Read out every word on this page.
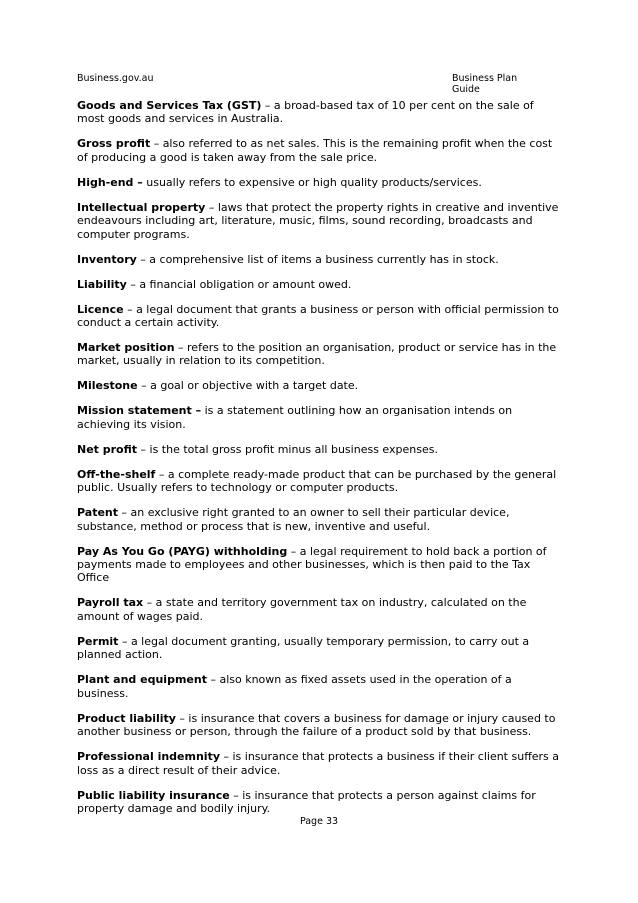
Business.gov.au	Business Plan Guide

Goods and Services Tax (GST) – a broad-based tax of 10 per cent on the sale of most goods and services in Australia.

Gross profit – also referred to as net sales. This is the remaining profit when the cost of producing a good is taken away from the sale price.

High-end – usually refers to expensive or high quality products/services.

Intellectual property – laws that protect the property rights in creative and inventive endeavours including art, literature, music, films, sound recording, broadcasts and computer programs.

Inventory – a comprehensive list of items a business currently has in stock.

Liability – a financial obligation or amount owed.

Licence – a legal document that grants a business or person with official permission to conduct a certain activity.

Market position – refers to the position an organisation, product or service has in the market, usually in relation to its competition.

Milestone – a goal or objective with a target date.

Mission statement – is a statement outlining how an organisation intends on achieving its vision.

Net profit – is the total gross profit minus all business expenses.

Off-the-shelf – a complete ready-made product that can be purchased by the general public. Usually refers to technology or computer products.

Patent – an exclusive right granted to an owner to sell their particular device, substance, method or process that is new, inventive and useful.

Pay As You Go (PAYG) withholding – a legal requirement to hold back a portion of payments made to employees and other businesses, which is then paid to the Tax Office

Payroll tax – a state and territory government tax on industry, calculated on the amount of wages paid.

Permit – a legal document granting, usually temporary permission, to carry out a planned action.

Plant and equipment – also known as fixed assets used in the operation of a business.

Product liability – is insurance that covers a business for damage or injury caused to another business or person, through the failure of a product sold by that business.

Professional indemnity – is insurance that protects a business if their client suffers a loss as a direct result of their advice.

Public liability insurance – is insurance that protects a person against claims for property damage and bodily injury.

Page 33
